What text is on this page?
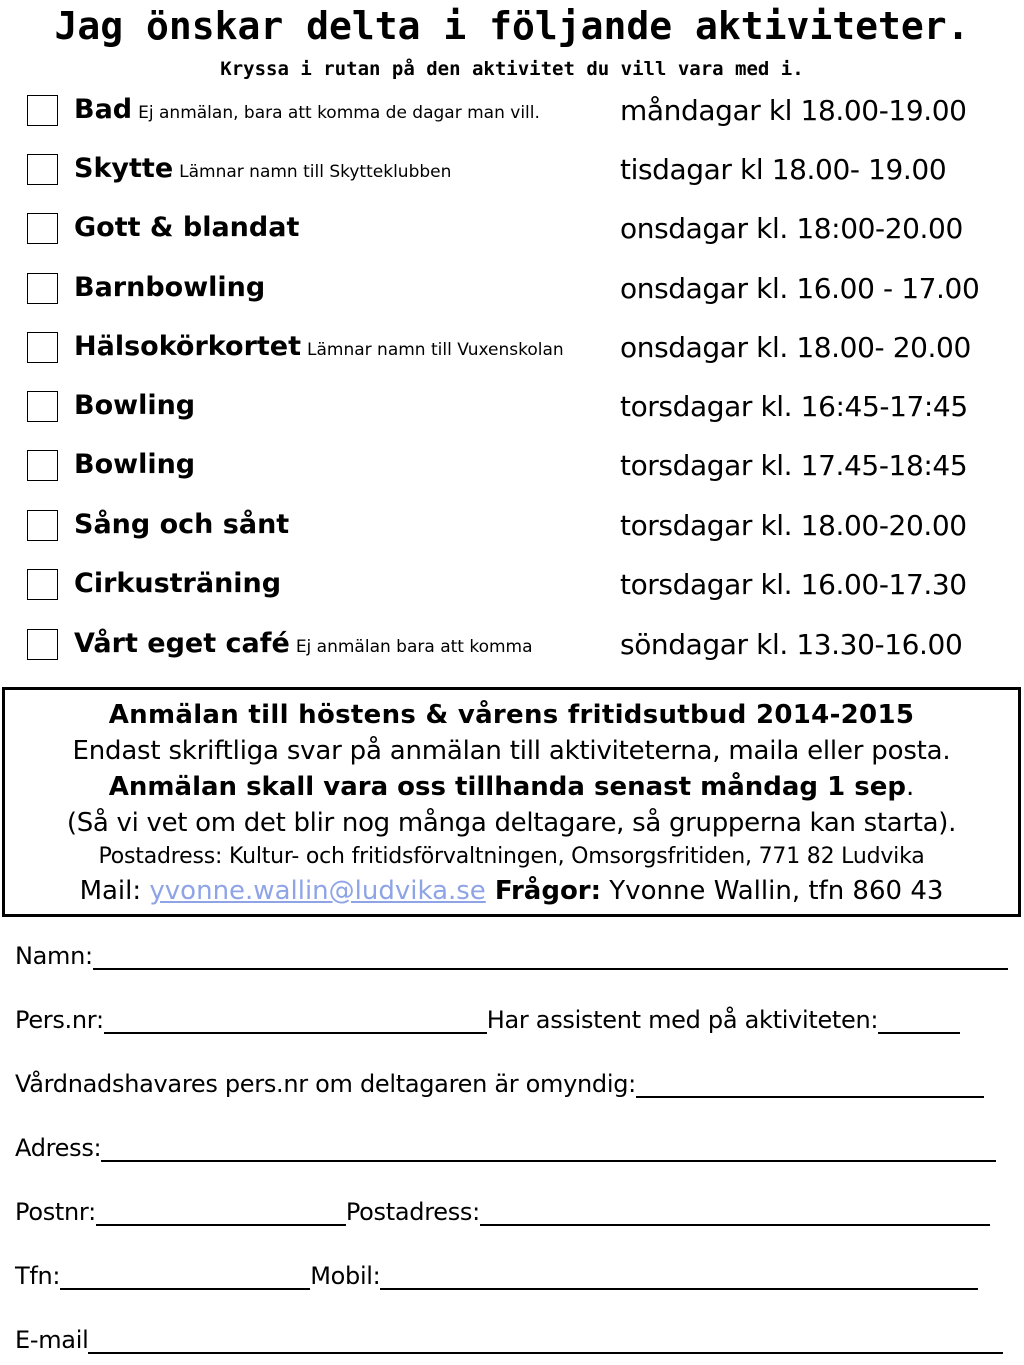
Jag önskar delta i följande aktiviteter.
Kryssa i rutan på den aktivitet du vill vara med i.
Bad Ej anmälan, bara att komma de dagar man vill.	måndagar kl 18.00-19.00
Skytte Lämnar namn till Skytteklubben	tisdagar kl 18.00- 19.00
Gott & blandat	onsdagar kl. 18:00-20.00
Barnbowling	onsdagar kl. 16.00 - 17.00
Hälsokörkortet Lämnar namn till Vuxenskolan onsdagar kl. 18.00- 20.00
Bowling	torsdagar kl. 16:45-17:45
Bowling	torsdagar kl. 17.45-18:45
Sång och sånt	torsdagar kl. 18.00-20.00
Cirkusträning	torsdagar kl. 16.00-17.30
Vårt eget café Ej anmälan bara att komma	söndagar kl. 13.30-16.00
Anmälan till höstens & vårens fritidsutbud 2014-2015
Endast skriftliga svar på anmälan till aktiviteterna, maila eller posta.
Anmälan skall vara oss tillhanda senast måndag 1 sep.
(Så vi vet om det blir nog många deltagare, så grupperna kan starta).
Postadress: Kultur- och fritidsförvaltningen, Omsorgsfritiden, 771 82 Ludvika
Mail: yvonne.wallin@ludvika.se Frågor: Yvonne Wallin, tfn 860 43
Namn:
Pers.nr:	Har assistent med på aktiviteten:
Vårdnadshavares pers.nr om deltagaren är omyndig:
Adress:
Postnr:	Postadress:
Tfn:	Mobil:
E-mail
